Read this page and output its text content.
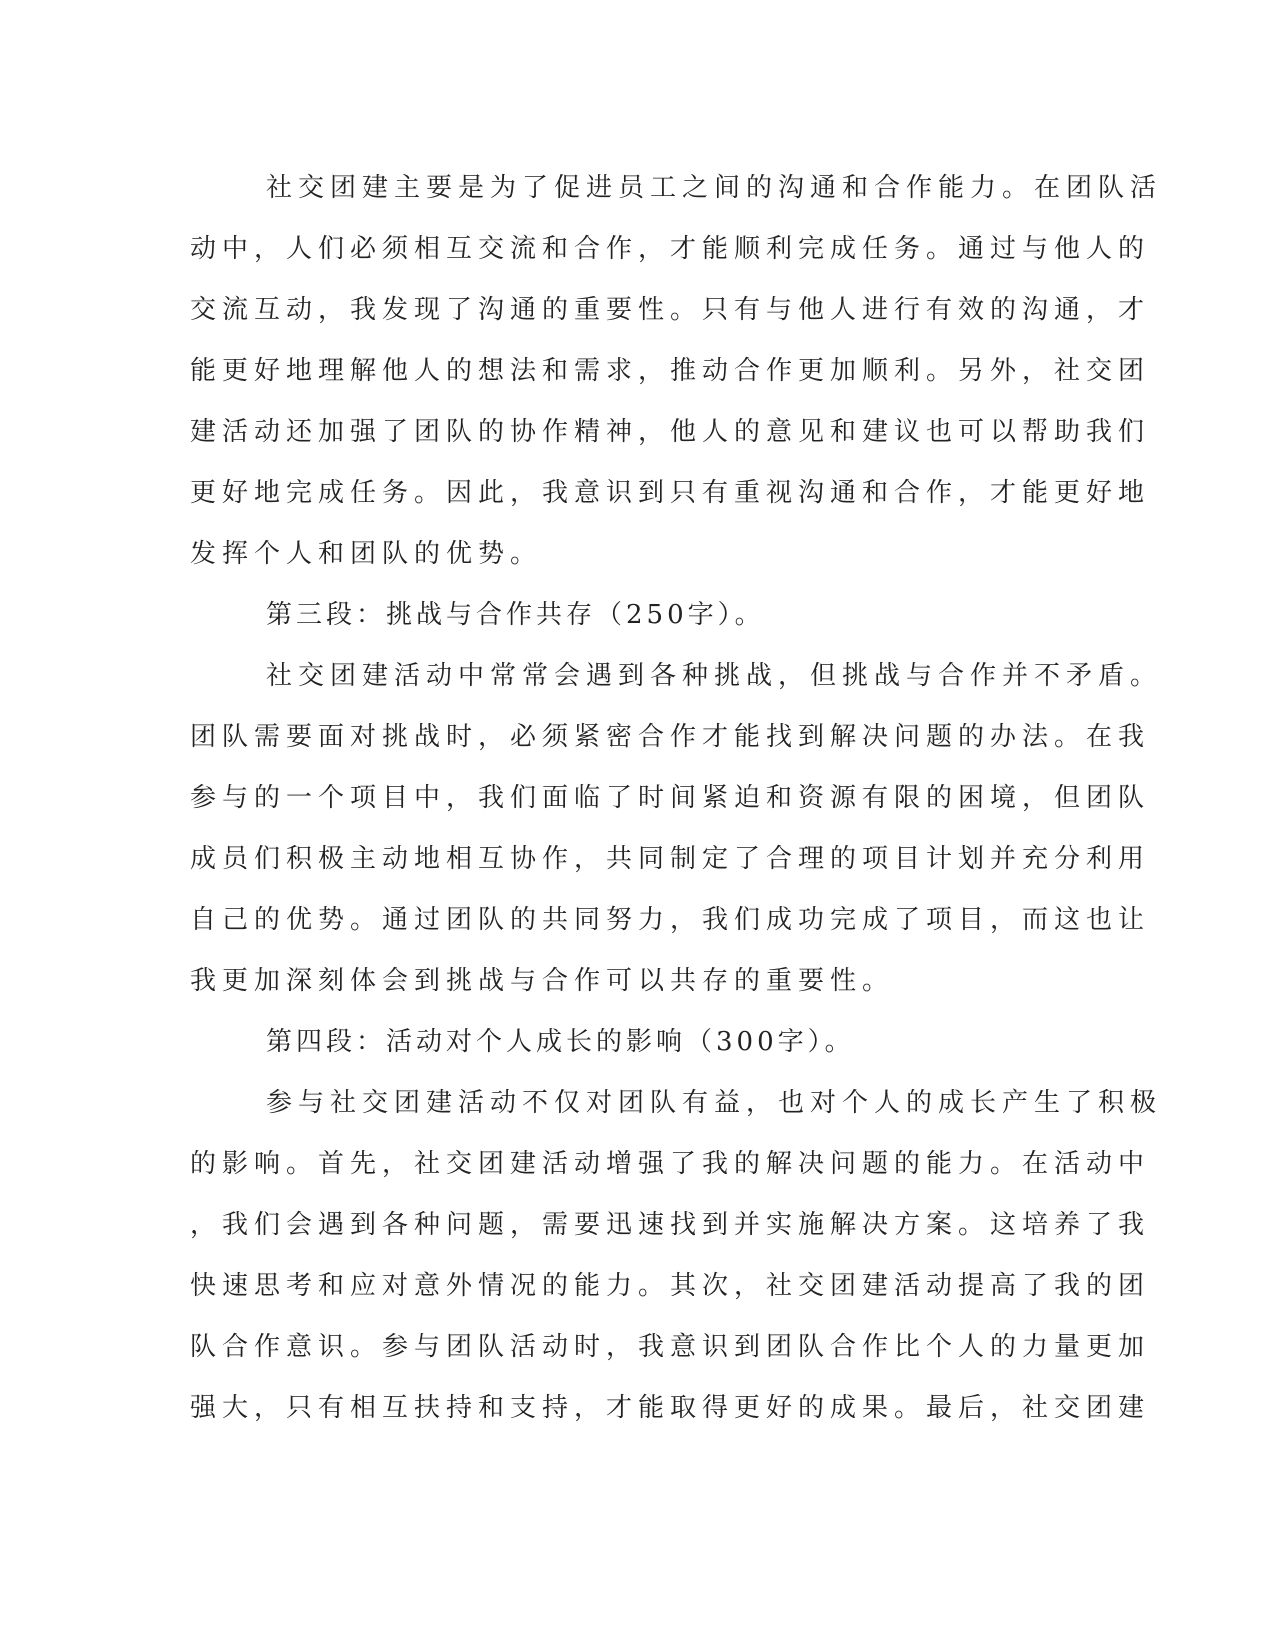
社交团建主要是为了促进员工之间的沟通和合作能力。在团队活
动中，人们必须相互交流和合作，才能顺利完成任务。通过与他人的
交流互动，我发现了沟通的重要性。只有与他人进行有效的沟通，才
能更好地理解他人的想法和需求，推动合作更加顺利。另外，社交团
建活动还加强了团队的协作精神，他人的意见和建议也可以帮助我们
更好地完成任务。因此，我意识到只有重视沟通和合作，才能更好地
发挥个人和团队的优势。
第三段：挑战与合作共存（250字）。
社交团建活动中常常会遇到各种挑战，但挑战与合作并不矛盾。
团队需要面对挑战时，必须紧密合作才能找到解决问题的办法。在我
参与的一个项目中，我们面临了时间紧迫和资源有限的困境，但团队
成员们积极主动地相互协作，共同制定了合理的项目计划并充分利用
自己的优势。通过团队的共同努力，我们成功完成了项目，而这也让
我更加深刻体会到挑战与合作可以共存的重要性。
第四段：活动对个人成长的影响（300字）。
参与社交团建活动不仅对团队有益，也对个人的成长产生了积极
的影响。首先，社交团建活动增强了我的解决问题的能力。在活动中
，我们会遇到各种问题，需要迅速找到并实施解决方案。这培养了我
快速思考和应对意外情况的能力。其次，社交团建活动提高了我的团
队合作意识。参与团队活动时，我意识到团队合作比个人的力量更加
强大，只有相互扶持和支持，才能取得更好的成果。最后，社交团建
